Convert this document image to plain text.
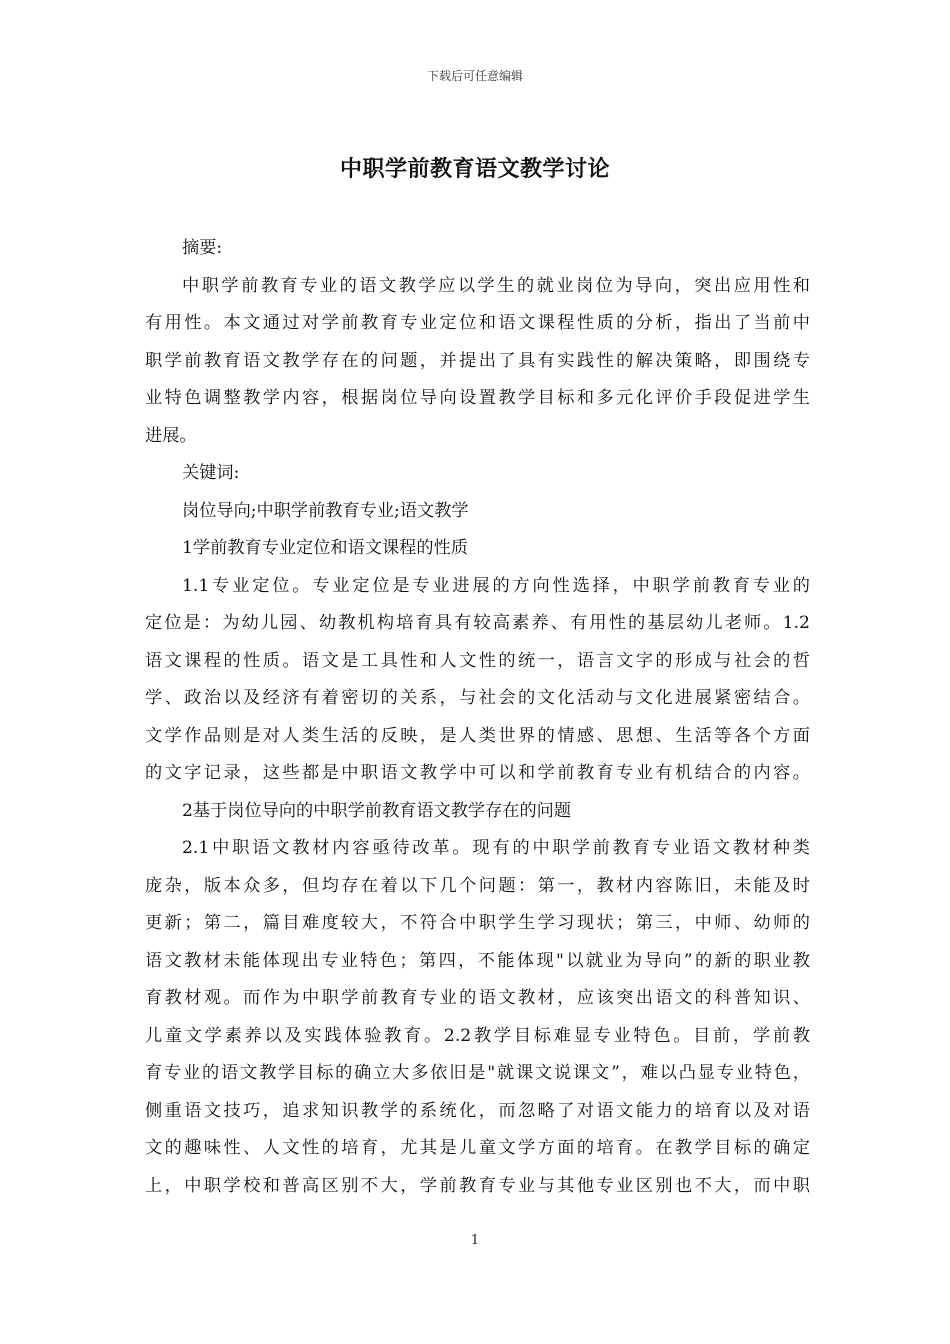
下载后可任意编辑
中职学前教育语文教学讨论
摘要:
中职学前教育专业的语文教学应以学生的就业岗位为导向，突出应用性和
有用性。本文通过对学前教育专业定位和语文课程性质的分析，指出了当前中
职学前教育语文教学存在的问题，并提出了具有实践性的解决策略，即围绕专
业特色调整教学内容，根据岗位导向设置教学目标和多元化评价手段促进学生
进展。
关键词:
岗位导向;中职学前教育专业;语文教学
1学前教育专业定位和语文课程的性质
1.1专业定位。专业定位是专业进展的方向性选择，中职学前教育专业的
定位是：为幼儿园、幼教机构培育具有较高素养、有用性的基层幼儿老师。1.2
语文课程的性质。语文是工具性和人文性的统一，语言文字的形成与社会的哲
学、政治以及经济有着密切的关系，与社会的文化活动与文化进展紧密结合。
文学作品则是对人类生活的反映，是人类世界的情感、思想、生活等各个方面
的文字记录，这些都是中职语文教学中可以和学前教育专业有机结合的内容。
2基于岗位导向的中职学前教育语文教学存在的问题
2.1中职语文教材内容亟待改革。现有的中职学前教育专业语文教材种类
庞杂，版本众多，但均存在着以下几个问题：第一，教材内容陈旧，未能及时
更新；第二，篇目难度较大，不符合中职学生学习现状；第三，中师、幼师的
语文教材未能体现出专业特色；第四，不能体现"以就业为导向”的新的职业教
育教材观。而作为中职学前教育专业的语文教材，应该突出语文的科普知识、
儿童文学素养以及实践体验教育。2.2教学目标难显专业特色。目前，学前教
育专业的语文教学目标的确立大多依旧是"就课文说课文”，难以凸显专业特色，
侧重语文技巧，追求知识教学的系统化，而忽略了对语文能力的培育以及对语
文的趣味性、人文性的培育，尤其是儿童文学方面的培育。在教学目标的确定
上，中职学校和普高区别不大，学前教育专业与其他专业区别也不大，而中职
1
